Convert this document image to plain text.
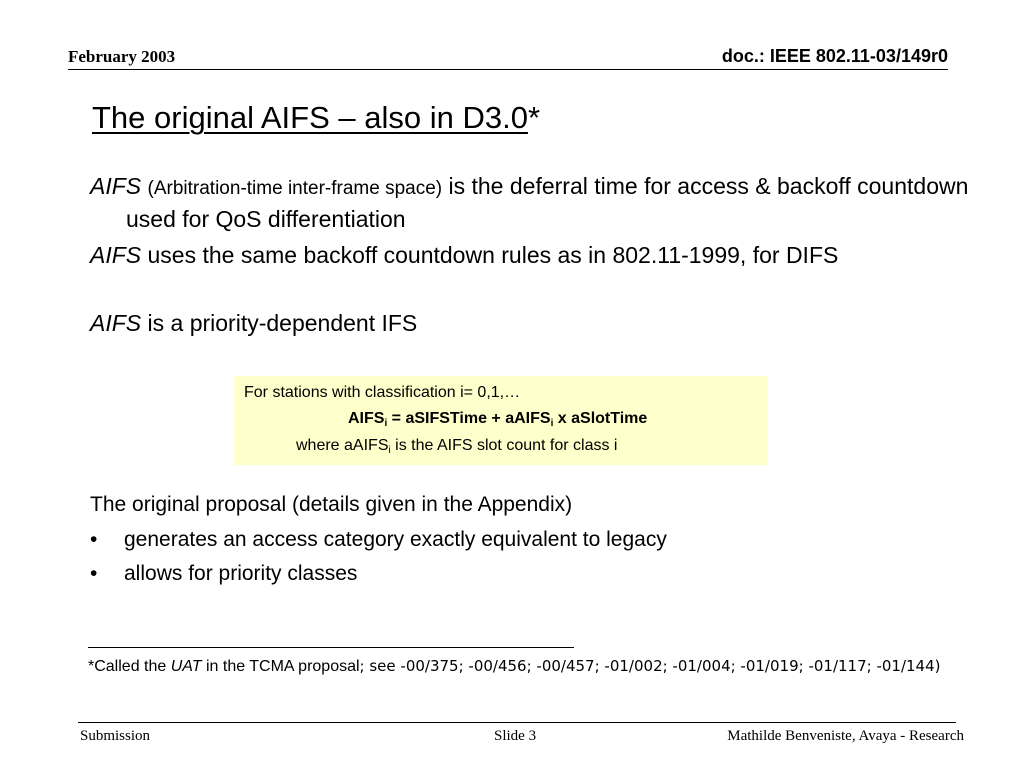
February 2003	doc.: IEEE 802.11-03/149r0
The original AIFS – also in D3.0*
AIFS (Arbitration-time inter-frame space) is the deferral time for access & backoff countdown used for QoS differentiation
AIFS uses the same backoff countdown rules as in 802.11-1999, for DIFS
AIFS is a priority-dependent IFS
For stations with classification i= 0,1,…
$AIFS_i$ = aSIFSTime + aAIFS$_i$ x aSlotTime
where aAIFS$_i$ is the AIFS slot count for class i
The original proposal (details given in the Appendix)
• generates an access category exactly equivalent to legacy
• allows for priority classes
*Called the UAT in the TCMA proposal; see -00/375; -00/456; -00/457; -01/002; -01/004; -01/019; -01/117; -01/144)
Submission	Slide 3	Mathilde Benveniste, Avaya - Research
